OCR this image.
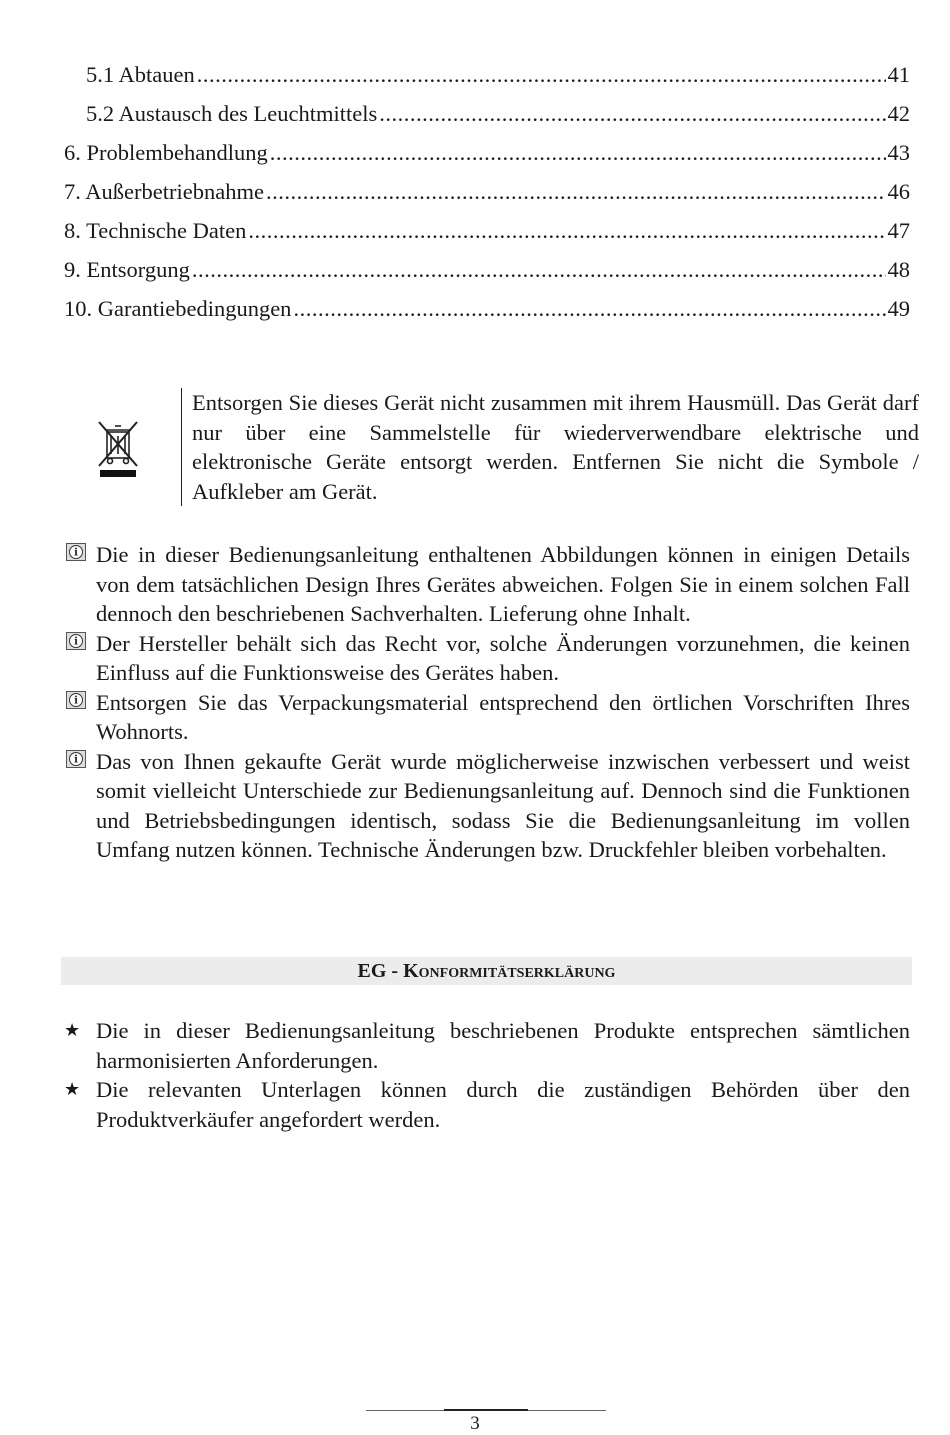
5.1 Abtauen .....	41
5.2 Austausch des Leuchtmittels .....	42
6. Problembehandlung .....	43
7. Außerbetriebnahme .....	46
8. Technische Daten .....	47
9. Entsorgung .....	48
10. Garantiebedingungen .....	49
Entsorgen Sie dieses Gerät nicht zusammen mit ihrem Hausmüll. Das Gerät darf nur über eine Sammelstelle für wiederverwendbare elektrische und elektronische Geräte entsorgt werden. Entfernen Sie nicht die Symbole / Aufkleber am Gerät.
i Die in dieser Bedienungsanleitung enthaltenen Abbildungen können in einigen Details von dem tatsächlichen Design Ihres Gerätes abweichen. Folgen Sie in einem solchen Fall dennoch den beschriebenen Sachverhalten. Lieferung ohne Inhalt.
i Der Hersteller behält sich das Recht vor, solche Änderungen vorzunehmen, die keinen Einfluss auf die Funktionsweise des Gerätes haben.
i Entsorgen Sie das Verpackungsmaterial entsprechend den örtlichen Vorschriften Ihres Wohnorts.
i Das von Ihnen gekaufte Gerät wurde möglicherweise inzwischen verbessert und weist somit vielleicht Unterschiede zur Bedienungsanleitung auf. Dennoch sind die Funktionen und Betriebsbedingungen identisch, sodass Sie die Bedienungsanleitung im vollen Umfang nutzen können. Technische Änderungen bzw. Druckfehler bleiben vorbehalten.
EG - Konformitätserklärung
★ Die in dieser Bedienungsanleitung beschriebenen Produkte entsprechen sämtlichen harmonisierten Anforderungen.
★ Die relevanten Unterlagen können durch die zuständigen Behörden über den Produktverkäufer angefordert werden.
3
